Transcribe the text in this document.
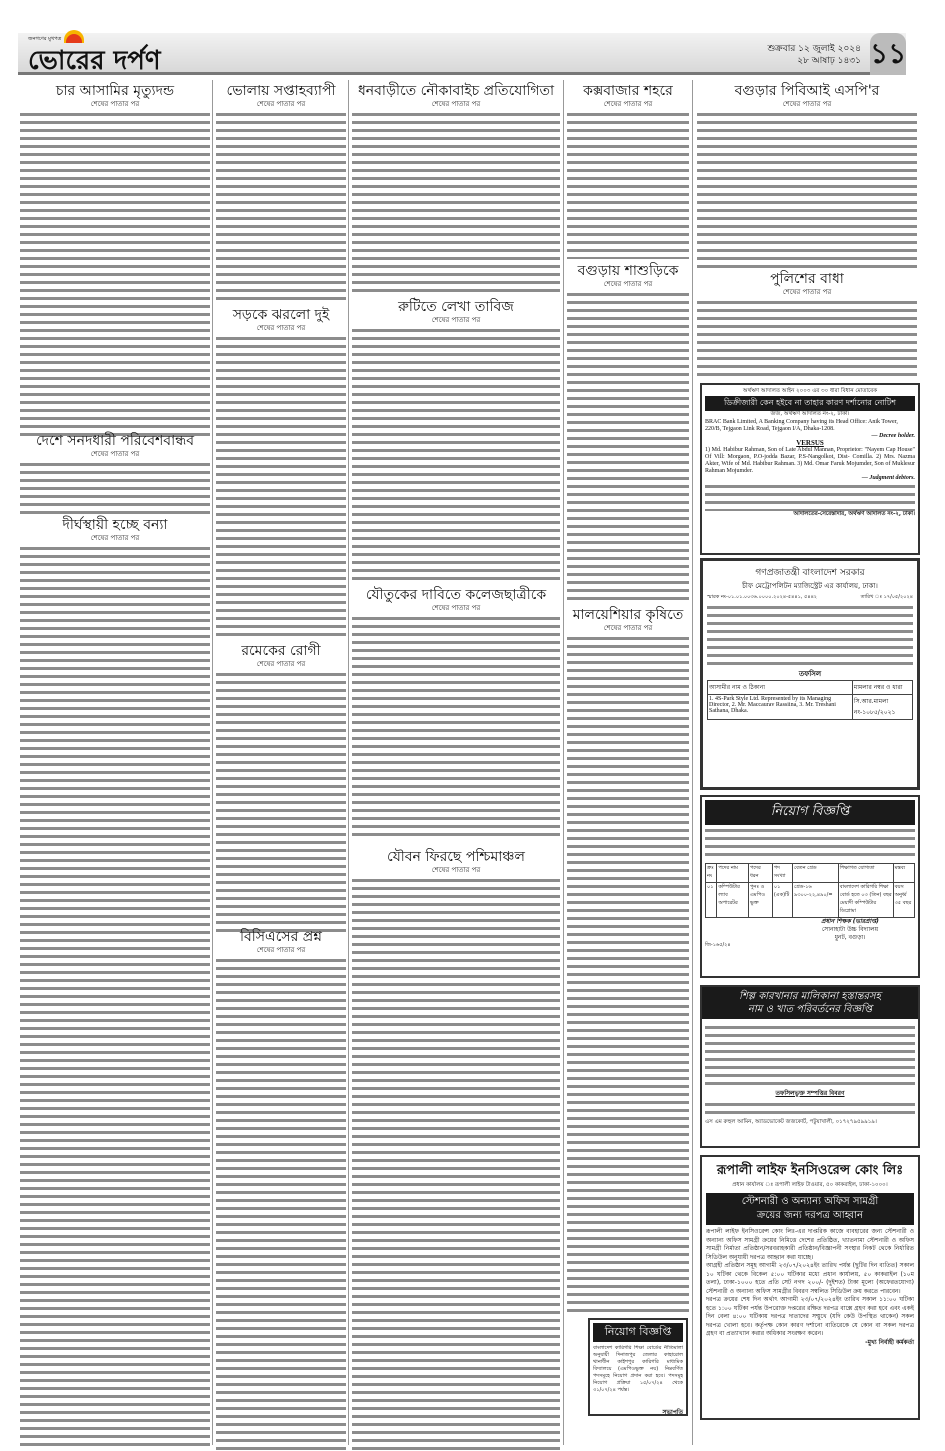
জনগণের মুখপত্র
ভোরের দর্পণ	১১
শুক্রবার ১২ জুলাই ২০২৪
২৮ আষাঢ় ১৪৩১
চার আসামির মৃত্যুদন্ড
শেষের পাতার পর
দেশে সনদধারী পরিবেশবান্ধব
শেষের পাতার পর
দীর্ঘস্থায়ী হচ্ছে বন্যা
শেষের পাতার পর
ভোলায় সপ্তাহব্যাপী
শেষের পাতার পর
সড়কে ঝরলো দুই
শেষের পাতার পর
রমেকের রোগী
শেষের পাতার পর
বিসিএসের প্রশ্ন
শেষের পাতার পর
ধনবাড়ীতে নৌকাবাইচ প্রতিযোগিতা
শেষের পাতার পর
রুটিতে লেখা তাবিজ
শেষের পাতার পর
যৌতুকের দাবিতে কলেজছাত্রীকে
শেষের পাতার পর
যৌবন ফিরছে পশ্চিমাঞ্চল
শেষের পাতার পর
কক্সবাজার শহরে
শেষের পাতার পর
বগুড়ায় শাশুড়িকে
শেষের পাতার পর
মালয়েশিয়ার কৃষিতে
শেষের পাতার পর
নিয়োগ বিজ্ঞপ্তি
বাংলাদেশ কারিগরি শিক্ষা বোর্ডের নীতিমালা অনুযায়ী দিনাজপুর জেলার কাহারোল থানাধীন কাইশপুর কারিগরি মাধ্যমিক বিদ্যালয়ে (এমপিওভুক্ত নয়) নিম্নবর্ণিত পদসমূহে নিয়োগ প্রদান করা হবে। পদসমূহ নিয়োগ প্রক্রিয়া ১৫/০৭/২৪ থেকে ৩১/০৭/২৪ পর্যন্ত।
সভাপতি
বগুড়ার পিবিআই এসপি'র
শেষের পাতার পর
পুলিশের বাধা
শেষের পাতার পর
অর্থঋণ আদালত আইন ২০০৩ এর ৩০ ধারা বিধান মোতাবেক
ডিক্রীজারী কেন হইবে না তাহার কারণ দর্শানোর নোটিশ
জজ, অর্থঋণ আদালত নং-২, ঢাকা।
BRAC Bank Limited, A Banking Company having its Head Office: Anik Tower, 220/B, Tejgaon Link Road, Tejgaon I/A, Dhaka-1208.
— Decree holder.
VERSUS
1) Md. Habibur Rahman, Son of Late Abdul Mannan, Proprietor: "Nayem Cap House" Of Vill: Morgaon, P.O-jodda Bazar, P.S-Nangolkot, Dist- Comilla. 2) Mrs. Nazma Akter, Wife of Md. Habibur Rahman. 3) Md. Omar Faruk Mojumder, Son of Muklesur Rahman Mojumder.
— Judgment debtors.
আদালতের-সেরেস্তাদার, অর্থঋণ আদালত নং-২, ঢাকা।
গণপ্রজাতন্ত্রী বাংলাদেশ সরকার
চীফ মেট্রোপলিটন ম্যাজিস্ট্রেট এর কার্যালয়, ঢাকা।
স্মারক নং-০১.০১.০০৩৬.০০০০.২০২৪-৫৪৪১, ৫৪৪২	তারিখ ঃ ১৭/০৫/২০২৪
তফসিল
আসামীর নাম ও ঠিকানা	মামলার নম্বর ও ধারা
1. 4S-Park Style Ltd. Represented by its Managing Director, 2. Mr. Maccaurav Rassiina, 3. Mr. Treshani Sathana, Dhaka.	সি.আর.মামলা নং-১০৮৫/২০২১
নিয়োগ বিজ্ঞপ্তি
ক্রঃ নং	পদের নাম	পদের ধরন	পদ সংখ্যা	বেতন গ্রেড	শিক্ষাগত যোগ্যতা	মন্তব্য
০১	কম্পিউটার ল্যাব অপারেটর	পুনঃ ও এমপিও ভুক্ত	০১ (এক)টি	গ্রেড-১৬ ৯৩০০-২২,৪৯০/=	বাংলাদেশ কারিগরি শিক্ষা বোর্ড হতে ০৩ (তিন) বছর মেয়াদী কম্পিউটার ডিপ্লোমা	বয়স অনুর্ধ্ব ৩৫ বছর
প্রধান শিক্ষক (ভারপ্রাপ্ত)
সোনাহাটা উচ্চ বিদ্যালয়
ধুনট, বগুড়া।
জি-১৬৫/২৪
শিল্প কারখানার মালিকানা হস্তান্তরসহ
নাম ও খাত পরিবর্তনের বিজ্ঞপ্তি
তফসিলভুক্ত সম্পত্তির বিবরণ
এস এম রুহুল আমিন, অ্যাডভোকেট জজকোর্ট, পটুয়াখালী, ০১৭২৭৯৫৯৯১৯।
রূপালী লাইফ ইনসিওরেন্স কোং লিঃ
প্রধান কার্যালয় ঃ রূপালী লাইফ টাওয়ার, ৫০ কাকরাইল, ঢাকা-১০০০।
স্টেশনারী ও অন্যান্য অফিস সামগ্রী
ক্রয়ের জন্য দরপত্র আহ্বান
রূপালী লাইফ ইনসিওরেন্স কোং লিঃ-এর দাপ্তরিক কাজে ব্যবহারের জন্য স্টেশনারী ও অন্যান্য অফিস সামগ্রী ক্রয়ের নিমিত্তে দেশের প্রতিষ্ঠিত, খ্যাতনামা স্টেশনারী ও অফিস সামগ্রী নির্মাতা প্রতিষ্ঠান/সরবরাহকারী প্রতিষ্ঠান/বিজ্ঞাপনী সংস্থার নিকট থেকে নির্ধারিত সিডিউল অনুযায়ী দরপত্র আহ্বান করা যাচ্ছে।
আগ্রহী প্রতিষ্ঠান সমূহ আগামী ২৩/০৭/২০২৪ইং তারিখ পর্যন্ত (ছুটির দিন ব্যতিত) সকাল ১০ ঘটিকা থেকে বিকেল ৫:০০ ঘটিকার মধ্যে প্রধান কার্যালয়, ৫০ কাকরাইল (১০ম তলা), ঢাকা-১০০০ হতে প্রতি সেট নগদ ২০০/- (দুইশত) টাকা মূল্যে (অফেরতযোগ্য) স্টেশনারী ও অন্যান্য অফিস সামগ্রীর বিবরণ সম্বলিত সিডিউল ক্রয় করতে পারবেন।
দরপত্র ক্রয়ের শেষ দিন অর্থাৎ আগামী ২৩/০৭/২০২৪ইং তারিখ সকাল ১১:০০ ঘটিকা হতে ১:০০ ঘটিকা পর্যন্ত উপরোক্ত দপ্তরের রক্ষিত দরপত্র বাক্সে গ্রহণ করা হবে এবং একই দিন বেলা ৪:০০ ঘটিকায় দরপত্র দাতাদের সম্মুখে (যদি কেউ উপস্থিত থাকেন) সকল দরপত্র খোলা হবে। কর্তৃপক্ষ কোন কারণ দর্শানো ব্যতিরেকে যে কোন বা সকল দরপত্র গ্রহণ বা প্রত্যাখ্যান করার অধিকার সংরক্ষণ করেন।
-মুখ্য নির্বাহী কর্মকর্তা
